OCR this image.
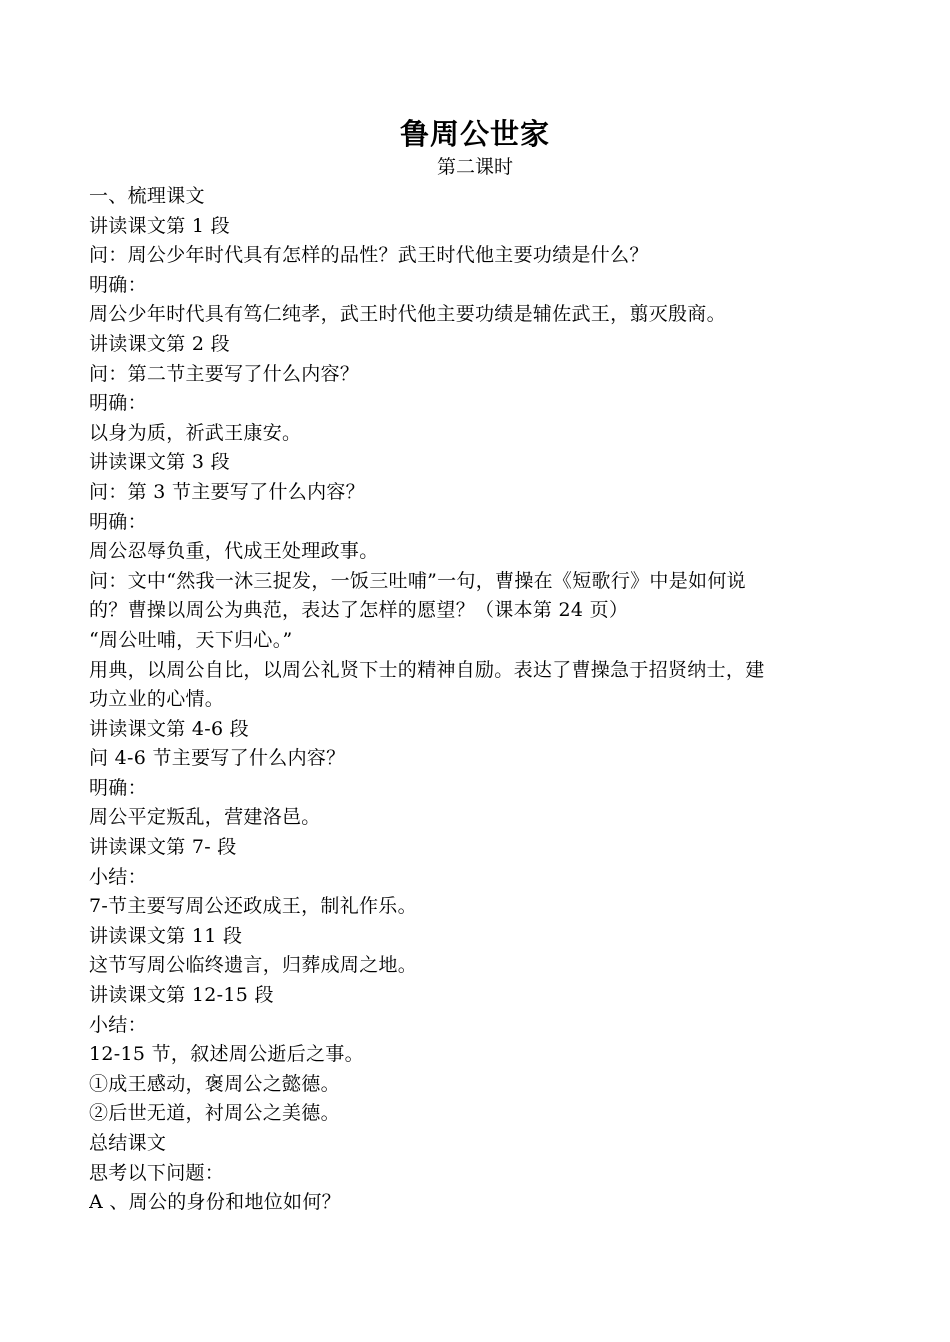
鲁周公世家
第二课时
一、梳理课文
讲读课文第 1 段
问：周公少年时代具有怎样的品性？武王时代他主要功绩是什么？
明确：
周公少年时代具有笃仁纯孝，武王时代他主要功绩是辅佐武王，翦灭殷商。
讲读课文第 2 段
问：第二节主要写了什么内容？
明确：
以身为质，祈武王康安。
讲读课文第 3 段
问：第 3 节主要写了什么内容？
明确：
周公忍辱负重，代成王处理政事。
问：文中“然我一沐三捉发，一饭三吐哺”一句，曹操在《短歌行》中是如何说
的？曹操以周公为典范，表达了怎样的愿望？（课本第 24 页）
“周公吐哺，天下归心。”
用典，以周公自比，以周公礼贤下士的精神自励。表达了曹操急于招贤纳士，建
功立业的心情。
讲读课文第 4-6 段
问 4-6 节主要写了什么内容？
明确：
周公平定叛乱，营建洛邑。
讲读课文第 7- 段
小结：
7-节主要写周公还政成王，制礼作乐。
讲读课文第 11 段
这节写周公临终遗言，归葬成周之地。
讲读课文第 12-15 段
小结：
12-15 节，叙述周公逝后之事。
①成王感动，褒周公之懿德。
②后世无道，衬周公之美德。
总结课文
思考以下问题：
A 、周公的身份和地位如何？
